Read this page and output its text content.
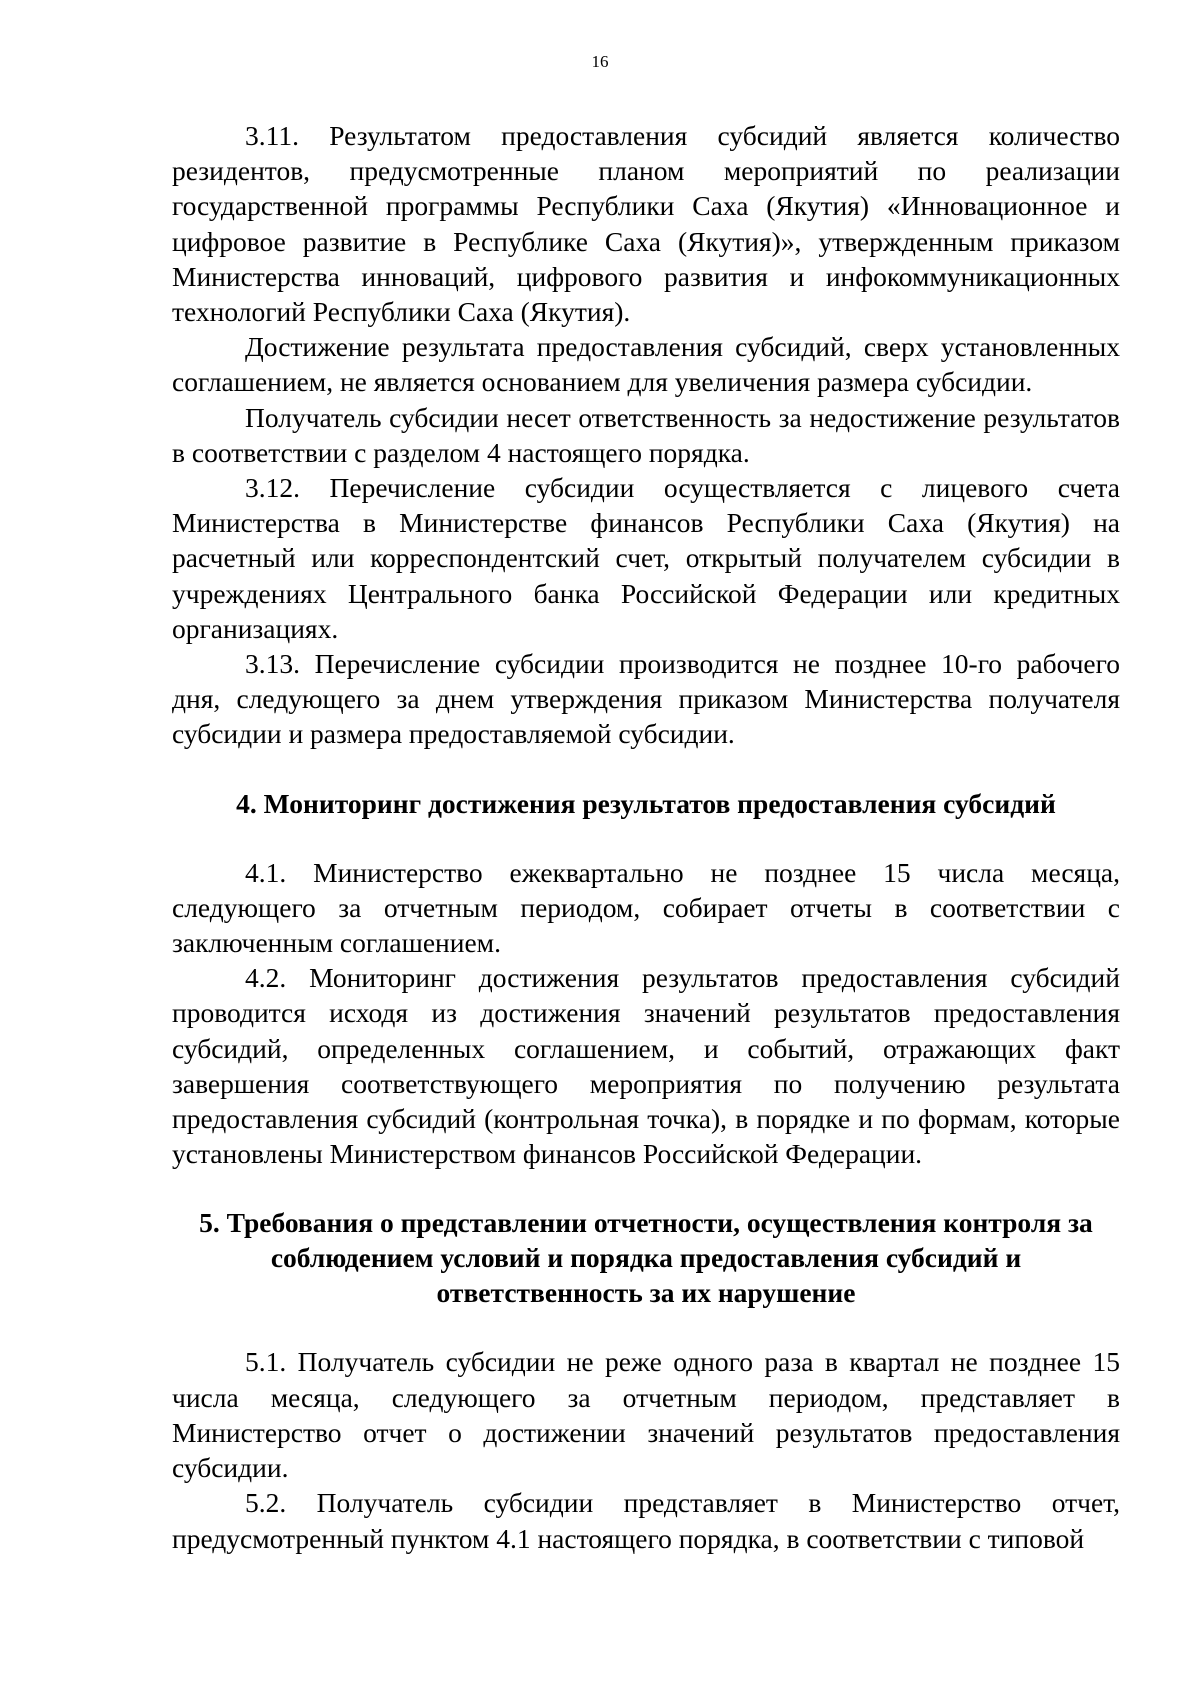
16

3.11. Результатом предоставления субсидий является количество резидентов, предусмотренные планом мероприятий по реализации государственной программы Республики Саха (Якутия) «Инновационное и цифровое развитие в Республике Саха (Якутия)», утвержденным приказом Министерства инноваций, цифрового развития и инфокоммуникационных технологий Республики Саха (Якутия).

Достижение результата предоставления субсидий, сверх установленных соглашением, не является основанием для увеличения размера субсидии.

Получатель субсидии несет ответственность за недостижение результатов в соответствии с разделом 4 настоящего порядка.

3.12. Перечисление субсидии осуществляется с лицевого счета Министерства в Министерстве финансов Республики Саха (Якутия) на расчетный или корреспондентский счет, открытый получателем субсидии в учреждениях Центрального банка Российской Федерации или кредитных организациях.

3.13. Перечисление субсидии производится не позднее 10-го рабочего дня, следующего за днем утверждения приказом Министерства получателя субсидии и размера предоставляемой субсидии.

4. Мониторинг достижения результатов предоставления субсидий

4.1. Министерство ежеквартально не позднее 15 числа месяца, следующего за отчетным периодом, собирает отчеты в соответствии с заключенным соглашением.

4.2. Мониторинг достижения результатов предоставления субсидий проводится исходя из достижения значений результатов предоставления субсидий, определенных соглашением, и событий, отражающих факт завершения соответствующего мероприятия по получению результата предоставления субсидий (контрольная точка), в порядке и по формам, которые установлены Министерством финансов Российской Федерации.

5. Требования о представлении отчетности, осуществления контроля за
соблюдением условий и порядка предоставления субсидий и
ответственность за их нарушение

5.1. Получатель субсидии не реже одного раза в квартал не позднее 15 числа месяца, следующего за отчетным периодом, представляет в Министерство отчет о достижении значений результатов предоставления субсидии.

5.2. Получатель субсидии представляет в Министерство отчет, предусмотренный пунктом 4.1 настоящего порядка, в соответствии с типовой
